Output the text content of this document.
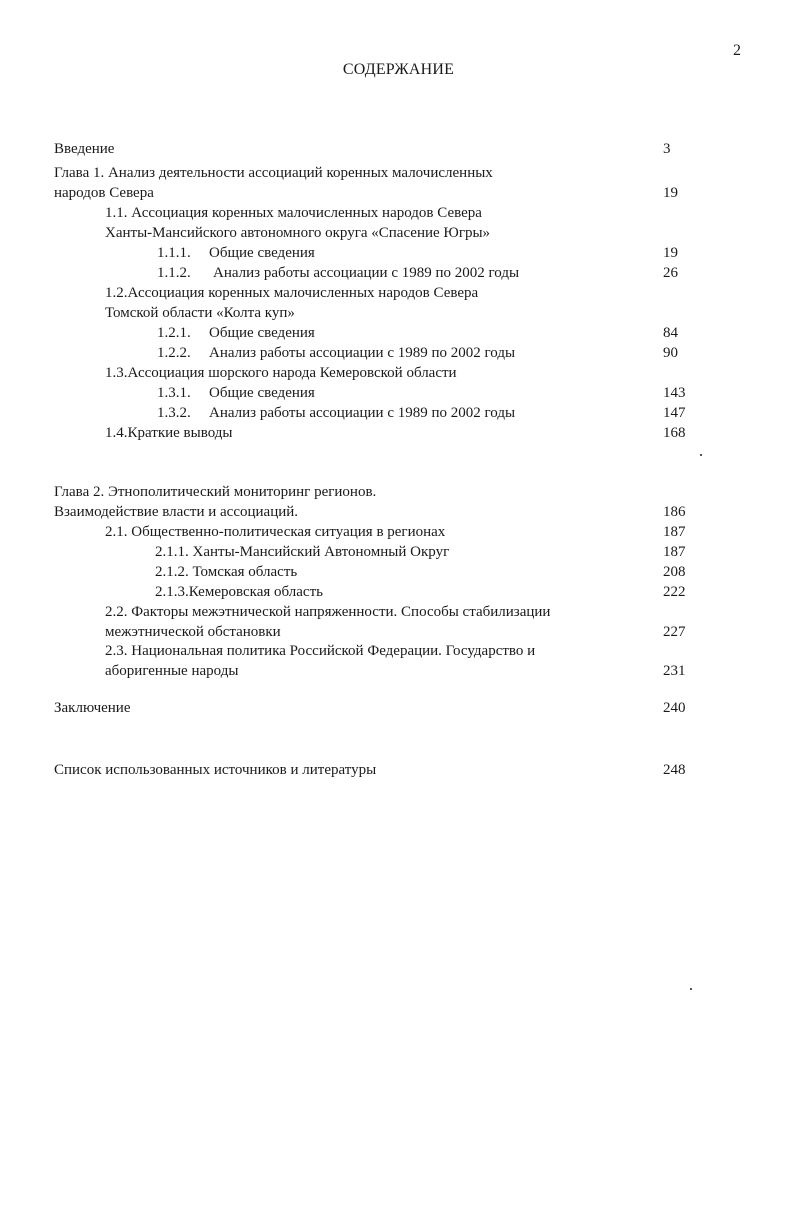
2
СОДЕРЖАНИЕ
Введение	3
Глава 1. Анализ деятельности ассоциаций коренных малочисленных
народов Севера	19
1.1. Ассоциация коренных малочисленных народов Севера
Ханты-Мансийского автономного округа «Спасение Югры»
1.1.1. Общие сведения	19
1.1.2. Анализ работы ассоциации с 1989 по 2002 годы	26
1.2.Ассоциация коренных малочисленных народов Севера
Томской области «Колта куп»
1.2.1. Общие сведения	84
1.2.2. Анализ работы ассоциации с 1989 по 2002 годы	90
1.3.Ассоциация шорского народа Кемеровской области
1.3.1. Общие сведения	143
1.3.2. Анализ работы ассоциации с 1989 по 2002 годы	147
1.4.Краткие выводы	168
Глава 2. Этнополитический мониторинг регионов.
Взаимодействие власти и ассоциаций.	186
2.1. Общественно-политическая ситуация в регионах	187
2.1.1. Ханты-Мансийский Автономный Округ	187
2.1.2. Томская область	208
2.1.3.Кемеровская область	222
2.2. Факторы межэтнической напряженности. Способы стабилизации
межэтнической обстановки	227
2.3. Национальная политика Российской Федерации. Государство и
аборигенные народы	231
Заключение	240
Список использованных источников и литературы	248
